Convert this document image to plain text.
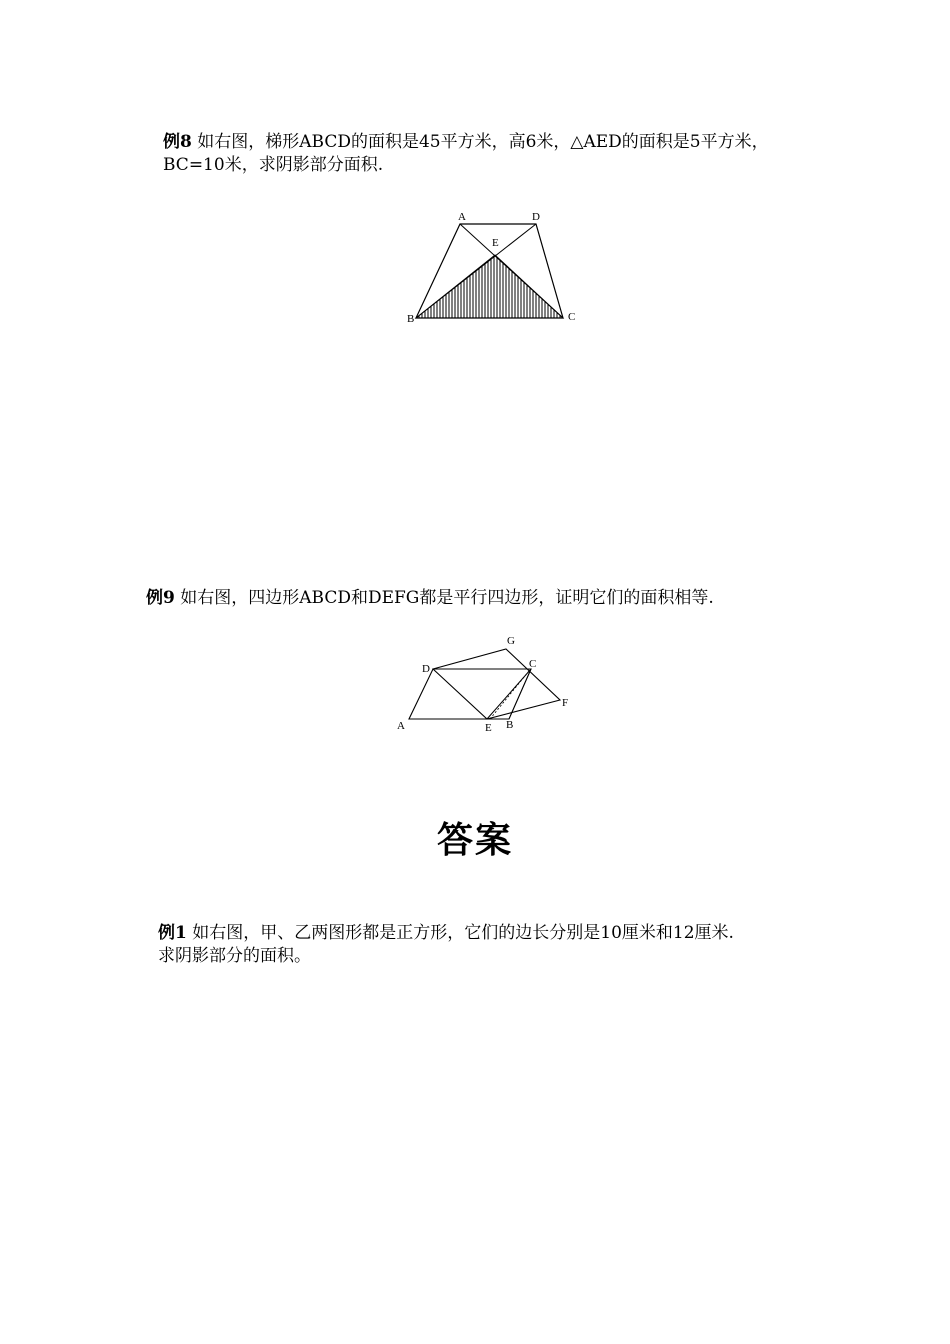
例8 如右图，梯形ABCD的面积是45平方米，高6米，△AED的面积是5平方米，
BC=10米，求阴影部分面积.
A	D
E
B	C
例9 如右图，四边形ABCD和DEFG都是平行四边形，证明它们的面积相等.
G
D	C
F
A	E B
答案
例1 如右图，甲、乙两图形都是正方形，它们的边长分别是10厘米和12厘米.
求阴影部分的面积。
